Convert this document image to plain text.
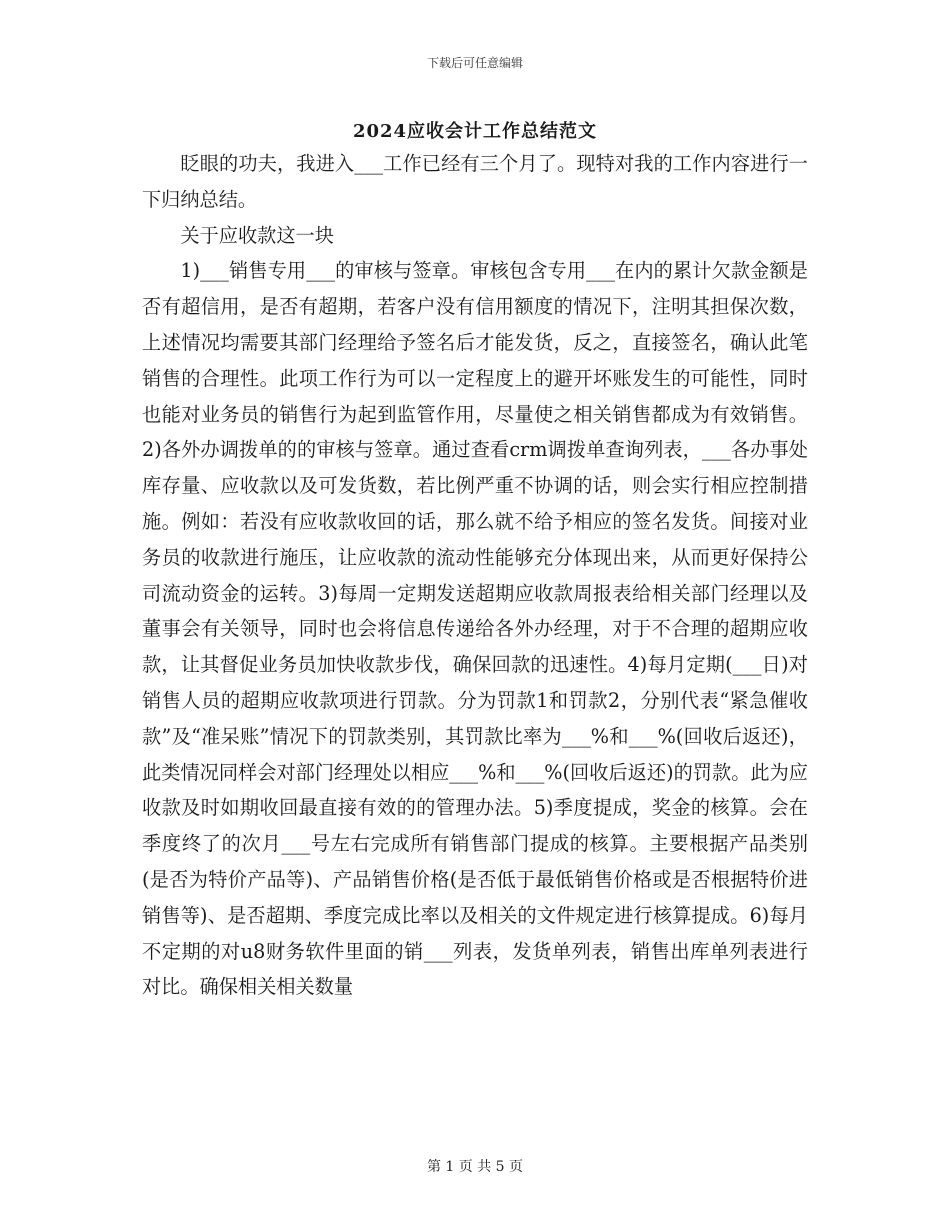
下载后可任意编辑
2024应收会计工作总结范文

眨眼的功夫，我进入___工作已经有三个月了。现特对我的工作内容进行一下归纳总结。

关于应收款这一块

1)___销售专用___的审核与签章。审核包含专用___在内的累计欠款金额是否有超信用，是否有超期，若客户没有信用额度的情况下，注明其担保次数，上述情况均需要其部门经理给予签名后才能发货，反之，直接签名，确认此笔销售的合理性。此项工作行为可以一定程度上的避开坏账发生的可能性，同时也能对业务员的销售行为起到监管作用，尽量使之相关销售都成为有效销售。2)各外办调拨单的的审核与签章。通过查看crm调拨单查询列表，___各办事处库存量、应收款以及可发货数，若比例严重不协调的话，则会实行相应控制措施。例如：若没有应收款收回的话，那么就不给予相应的签名发货。间接对业务员的收款进行施压，让应收款的流动性能够充分体现出来，从而更好保持公司流动资金的运转。3)每周一定期发送超期应收款周报表给相关部门经理以及董事会有关领导，同时也会将信息传递给各外办经理，对于不合理的超期应收款，让其督促业务员加快收款步伐，确保回款的迅速性。4)每月定期(___日)对销售人员的超期应收款项进行罚款。分为罚款1和罚款2，分别代表“紧急催收款”及“准呆账”情况下的罚款类别，其罚款比率为___%和___%(回收后返还)，此类情况同样会对部门经理处以相应___%和___%(回收后返还)的罚款。此为应收款及时如期收回最直接有效的的管理办法。5)季度提成，奖金的核算。会在季度终了的次月___号左右完成所有销售部门提成的核算。主要根据产品类别(是否为特价产品等)、产品销售价格(是否低于最低销售价格或是否根据特价进销售等)、是否超期、季度完成比率以及相关的文件规定进行核算提成。6)每月不定期的对u8财务软件里面的销___列表，发货单列表，销售出库单列表进行对比。确保相关相关数量

第 1 页 共 5 页
